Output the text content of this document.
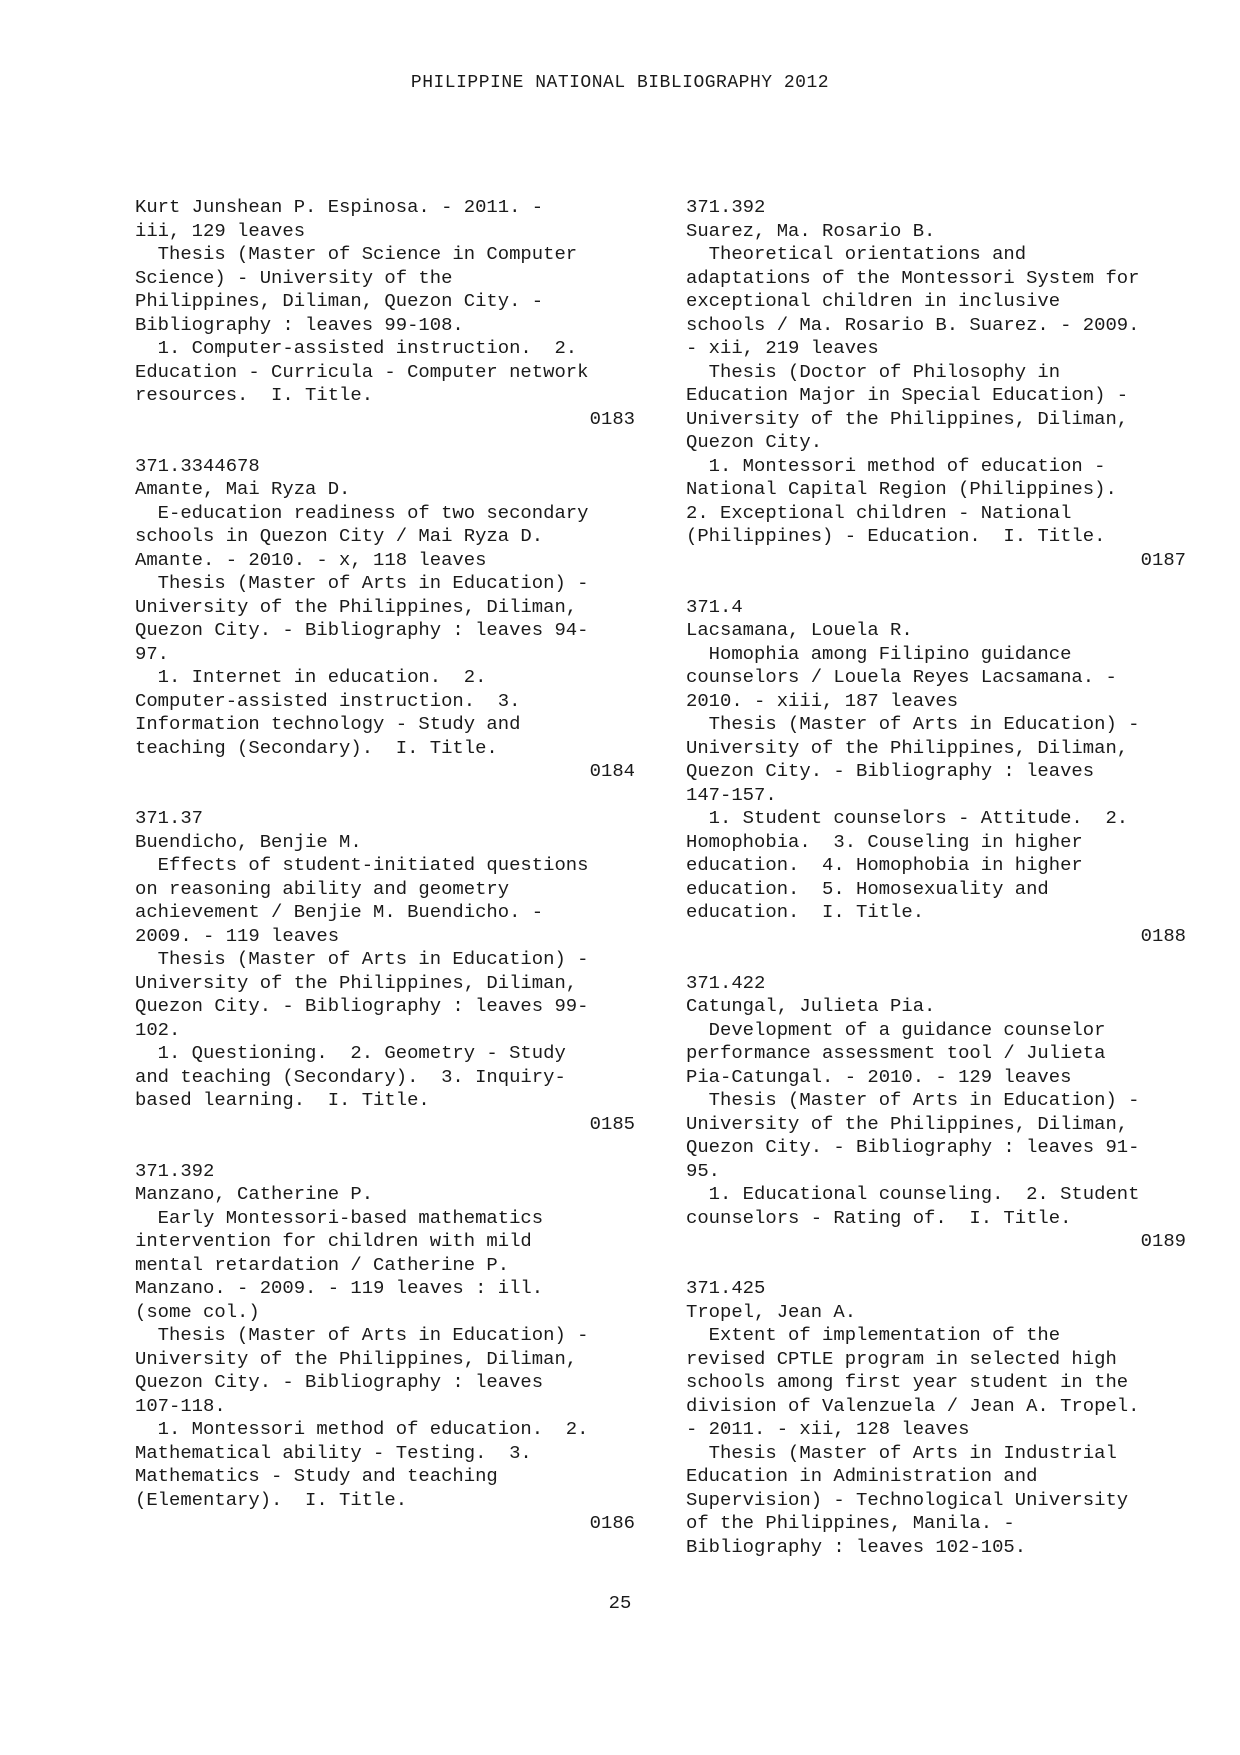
PHILIPPINE NATIONAL BIBLIOGRAPHY 2012
Kurt Junshean P. Espinosa. - 2011. -
iii, 129 leaves
Thesis (Master of Science in Computer
Science) - University of the
Philippines, Diliman, Quezon City. -
Bibliography : leaves 99-108.
1. Computer-assisted instruction.  2.
Education - Curricula - Computer network
resources.  I. Title.
0183
371.3344678
Amante, Mai Ryza D.
E-education readiness of two secondary
schools in Quezon City / Mai Ryza D.
Amante. - 2010. - x, 118 leaves
Thesis (Master of Arts in Education) -
University of the Philippines, Diliman,
Quezon City. - Bibliography : leaves 94-
97.
1. Internet in education.  2.
Computer-assisted instruction.  3.
Information technology - Study and
teaching (Secondary).  I. Title.
0184
371.37
Buendicho, Benjie M.
Effects of student-initiated questions
on reasoning ability and geometry
achievement / Benjie M. Buendicho. -
2009. - 119 leaves
Thesis (Master of Arts in Education) -
University of the Philippines, Diliman,
Quezon City. - Bibliography : leaves 99-
102.
1. Questioning.  2. Geometry - Study
and teaching (Secondary).  3. Inquiry-
based learning.  I. Title.
0185
371.392
Manzano, Catherine P.
Early Montessori-based mathematics
intervention for children with mild
mental retardation / Catherine P.
Manzano. - 2009. - 119 leaves : ill.
(some col.)
Thesis (Master of Arts in Education) -
University of the Philippines, Diliman,
Quezon City. - Bibliography : leaves
107-118.
1. Montessori method of education.  2.
Mathematical ability - Testing.  3.
Mathematics - Study and teaching
(Elementary).  I. Title.
0186
371.392
Suarez, Ma. Rosario B.
Theoretical orientations and
adaptations of the Montessori System for
exceptional children in inclusive
schools / Ma. Rosario B. Suarez. - 2009.
- xii, 219 leaves
Thesis (Doctor of Philosophy in
Education Major in Special Education) -
University of the Philippines, Diliman,
Quezon City.
1. Montessori method of education -
National Capital Region (Philippines).
2. Exceptional children - National
(Philippines) - Education.  I. Title.
0187
371.4
Lacsamana, Louela R.
Homophia among Filipino guidance
counselors / Louela Reyes Lacsamana. -
2010. - xiii, 187 leaves
Thesis (Master of Arts in Education) -
University of the Philippines, Diliman,
Quezon City. - Bibliography : leaves
147-157.
1. Student counselors - Attitude.  2.
Homophobia.  3. Couseling in higher
education.  4. Homophobia in higher
education.  5. Homosexuality and
education.  I. Title.
0188
371.422
Catungal, Julieta Pia.
Development of a guidance counselor
performance assessment tool / Julieta
Pia-Catungal. - 2010. - 129 leaves
Thesis (Master of Arts in Education) -
University of the Philippines, Diliman,
Quezon City. - Bibliography : leaves 91-
95.
1. Educational counseling.  2. Student
counselors - Rating of.  I. Title.
0189
371.425
Tropel, Jean A.
Extent of implementation of the
revised CPTLE program in selected high
schools among first year student in the
division of Valenzuela / Jean A. Tropel.
- 2011. - xii, 128 leaves
Thesis (Master of Arts in Industrial
Education in Administration and
Supervision) - Technological University
of the Philippines, Manila. -
Bibliography : leaves 102-105.
25
